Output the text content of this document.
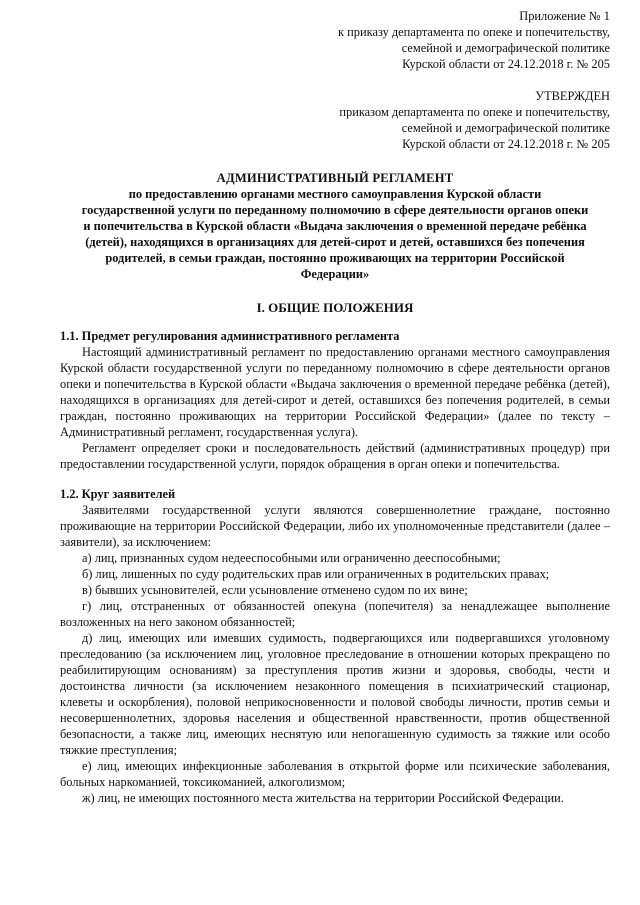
Приложение № 1
к приказу департамента по опеке и попечительству,
семейной и демографической политике
Курской области от 24.12.2018 г. № 205
УТВЕРЖДЕН
приказом департамента по опеке и попечительству,
семейной и демографической политике
Курской области от 24.12.2018 г. № 205
АДМИНИСТРАТИВНЫЙ РЕГЛАМЕНТ
по предоставлению органами местного самоуправления Курской области
государственной услуги по переданному полномочию в сфере деятельности органов опеки
и попечительства в Курской области «Выдача заключения о временной передаче ребёнка
(детей), находящихся в организациях для детей-сирот и детей, оставшихся без попечения
родителей, в семьи граждан, постоянно проживающих на территории Российской
Федерации»
I. ОБЩИЕ ПОЛОЖЕНИЯ
1.1. Предмет регулирования административного регламента

Настоящий административный регламент по предоставлению органами местного самоуправления Курской области государственной услуги по переданному полномочию в сфере деятельности органов опеки и попечительства в Курской области «Выдача заключения о временной передаче ребёнка (детей), находящихся в организациях для детей-сирот и детей, оставшихся без попечения родителей, в семьи граждан, постоянно проживающих на территории Российской Федерации» (далее по тексту – Административный регламент, государственная услуга).

Регламент определяет сроки и последовательность действий (административных процедур) при предоставлении государственной услуги, порядок обращения в орган опеки и попечительства.

1.2. Круг заявителей

Заявителями государственной услуги являются совершеннолетние граждане, постоянно проживающие на территории Российской Федерации, либо их уполномоченные представители (далее – заявители), за исключением:

а) лиц, признанных судом недееспособными или ограниченно дееспособными;

б) лиц, лишенных по суду родительских прав или ограниченных в родительских правах;

в) бывших усыновителей, если усыновление отменено судом по их вине;

г) лиц, отстраненных от обязанностей опекуна (попечителя) за ненадлежащее выполнение возложенных на него законом обязанностей;

д) лиц, имеющих или имевших судимость, подвергающихся или подвергавшихся уголовному преследованию (за исключением лиц, уголовное преследование в отношении которых прекращено по реабилитирующим основаниям) за преступления против жизни и здоровья, свободы, чести и достоинства личности (за исключением незаконного помещения в психиатрический стационар, клеветы и оскорбления), половой неприкосновенности и половой свободы личности, против семьи и несовершеннолетних, здоровья населения и общественной нравственности, против общественной безопасности, а также лиц, имеющих неснятую или непогашенную судимость за тяжкие или особо тяжкие преступления;

е) лиц, имеющих инфекционные заболевания в открытой форме или психические заболевания, больных наркоманией, токсикоманией, алкоголизмом;

ж) лиц, не имеющих постоянного места жительства на территории Российской Федерации.
